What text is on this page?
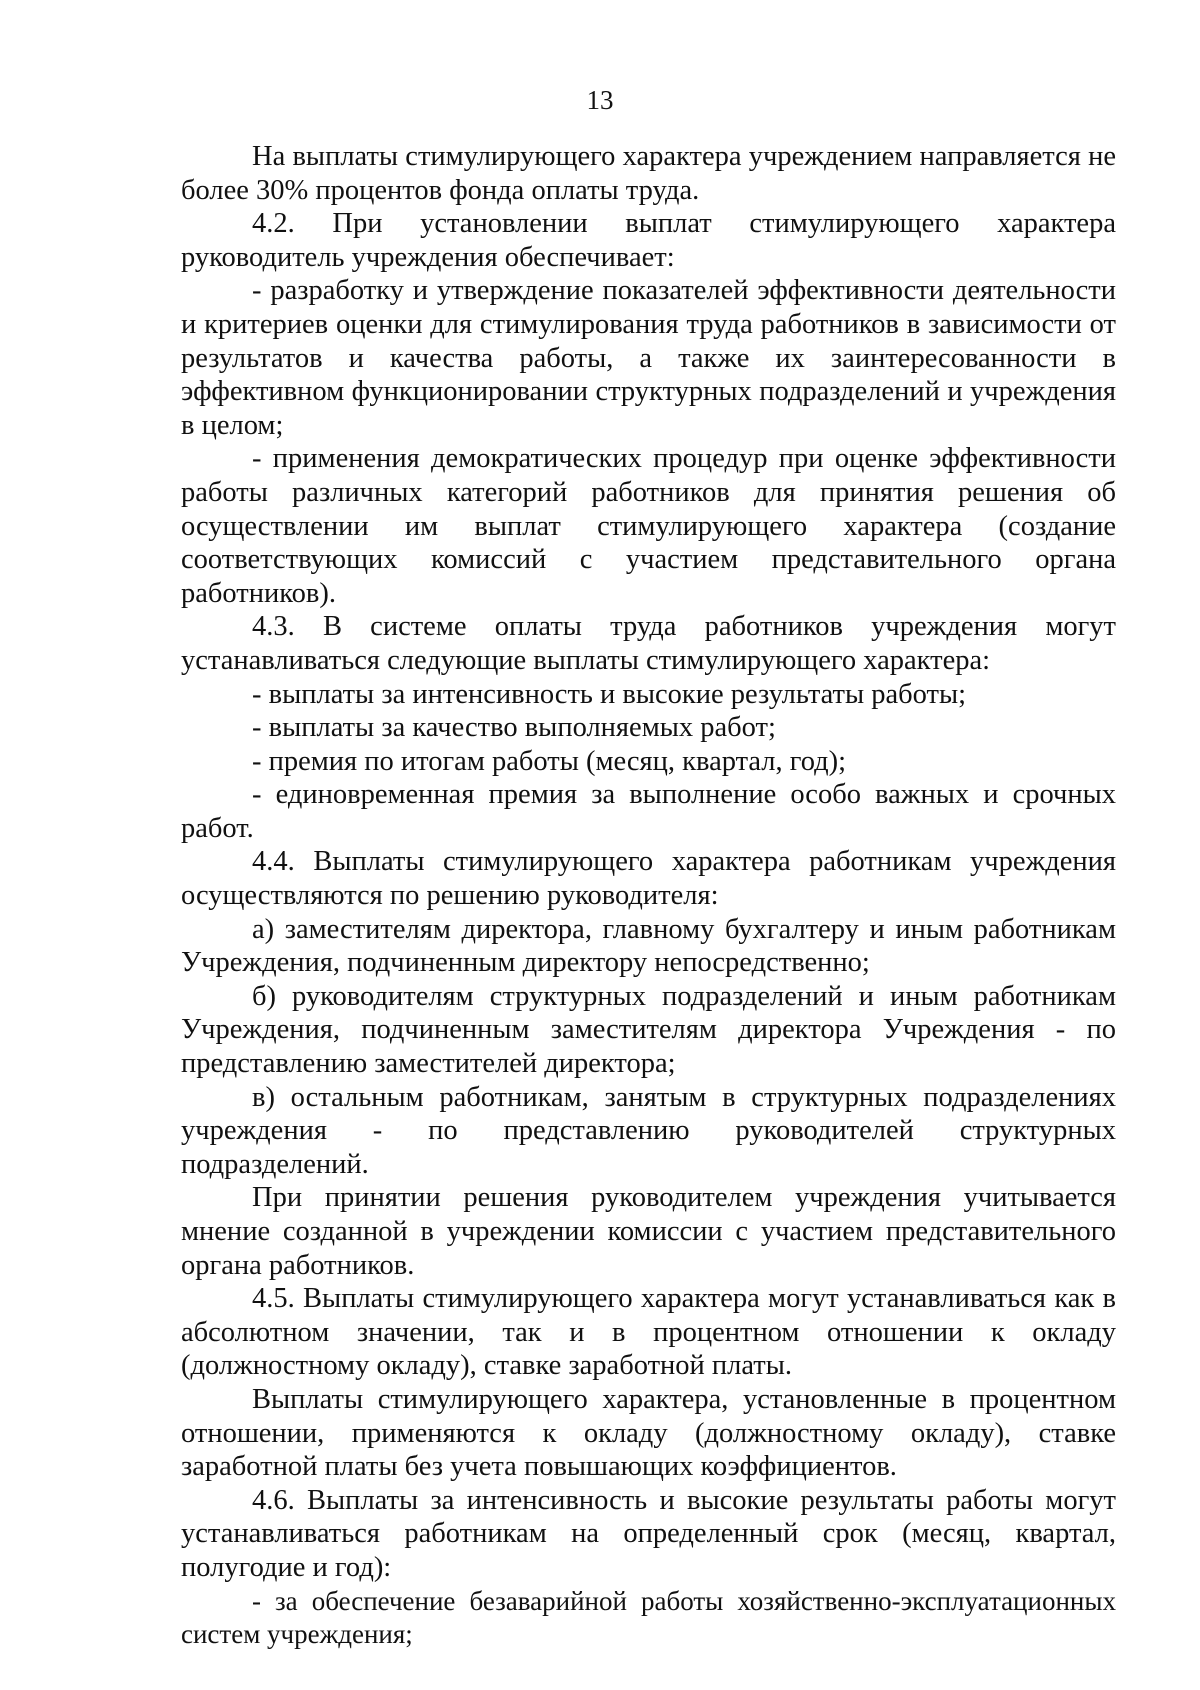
13

На выплаты стимулирующего характера учреждением направляется не более 30% процентов фонда оплаты труда.

4.2. При установлении выплат стимулирующего характера руководитель учреждения обеспечивает:

- разработку и утверждение показателей эффективности деятельности и критериев оценки для стимулирования труда работников в зависимости от результатов и качества работы, а также их заинтересованности в эффективном функционировании структурных подразделений и учреждения в целом;

- применения демократических процедур при оценке эффективности работы различных категорий работников для принятия решения об осуществлении им выплат стимулирующего характера (создание соответствующих комиссий с участием представительного органа работников).

4.3. В системе оплаты труда работников учреждения могут устанавливаться следующие выплаты стимулирующего характера:

- выплаты за интенсивность и высокие результаты работы;

- выплаты за качество выполняемых работ;

- премия по итогам работы (месяц, квартал, год);

- единовременная премия за выполнение особо важных и срочных работ.

4.4. Выплаты стимулирующего характера работникам учреждения осуществляются по решению руководителя:

а) заместителям директора, главному бухгалтеру и иным работникам Учреждения, подчиненным директору непосредственно;

б) руководителям структурных подразделений и иным работникам Учреждения, подчиненным заместителям директора Учреждения - по представлению заместителей директора;

в) остальным работникам, занятым в структурных подразделениях учреждения - по представлению руководителей структурных подразделений.

При принятии решения руководителем учреждения учитывается мнение созданной в учреждении комиссии с участием представительного органа работников.

4.5. Выплаты стимулирующего характера могут устанавливаться как в абсолютном значении, так и в процентном отношении к окладу (должностному окладу), ставке заработной платы.

Выплаты стимулирующего характера, установленные в процентном отношении, применяются к окладу (должностному окладу), ставке заработной платы без учета повышающих коэффициентов.

4.6. Выплаты за интенсивность и высокие результаты работы могут устанавливаться работникам на определенный срок (месяц, квартал, полугодие и год):

- за обеспечение безаварийной работы хозяйственно-эксплуатационных систем учреждения;
